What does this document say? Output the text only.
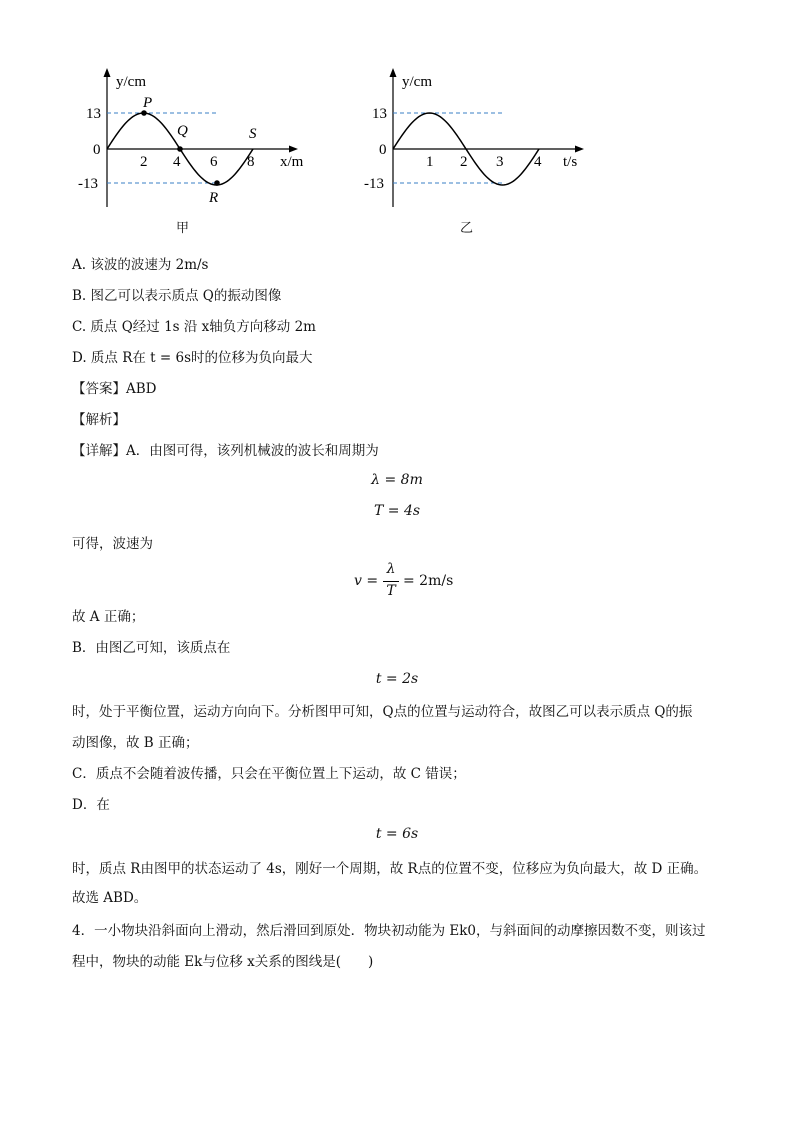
P
Q
R
S
y/cm
x/m
13
0
-13
2 4 6 8
甲
y/cm
t/s
13
0
-13
1 2 3 4
乙
A. 该波的波速为 2m/s
B. 图乙可以表示质点 Q的振动图像
C. 质点 Q经过 1s 沿 x轴负方向移动 2m
D. 质点 R在 t = 6s时的位移为负向最大
【答案】ABD
【解析】
【详解】A．由图可得，该列机械波的波长和周期为
λ = 8m
T = 4s
可得，波速为
v =
λ
T
= 2m/s
故 A 正确；
B．由图乙可知，该质点在
t = 2s
时，处于平衡位置，运动方向向下。分析图甲可知，Q点的位置与运动符合，故图乙可以表示质点 Q的振
动图像，故 B 正确；
C．质点不会随着波传播，只会在平衡位置上下运动，故 C 错误；
D．在
t = 6s
时，质点 R由图甲的状态运动了 4s，刚好一个周期，故 R点的位置不变，位移应为负向最大，故 D 正确。
故选 ABD。
4．一小物块沿斜面向上滑动，然后滑回到原处．物块初动能为 Ek0，与斜面间的动摩擦因数不变，则该过
程中，物块的动能 Ek与位移 x关系的图线是(　　)
